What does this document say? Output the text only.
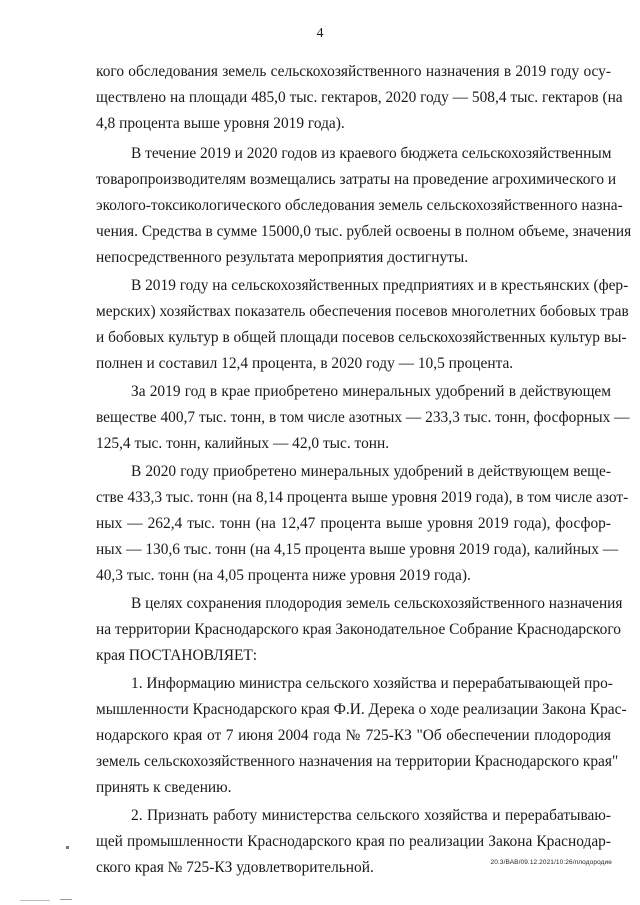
4
кого обследования земель сельскохозяйственного назначения в 2019 году осу-
ществлено на площади 485,0 тыс. гектаров, 2020 году — 508,4 тыс. гектаров (на
4,8 процента выше уровня 2019 года).
В течение 2019 и 2020 годов из краевого бюджета сельскохозяйственным
товаропроизводителям возмещались затраты на проведение агрохимического и
эколого-токсикологического обследования земель сельскохозяйственного назна-
чения. Средства в сумме 15000,0 тыс. рублей освоены в полном объеме, значения
непосредственного результата мероприятия достигнуты.
В 2019 году на сельскохозяйственных предприятиях и в крестьянских (фер-
мерских) хозяйствах показатель обеспечения посевов многолетних бобовых трав
и бобовых культур в общей площади посевов сельскохозяйственных культур вы-
полнен и составил 12,4 процента, в 2020 году — 10,5 процента.
За 2019 год в крае приобретено минеральных удобрений в действующем
веществе 400,7 тыс. тонн, в том числе азотных — 233,3 тыс. тонн, фосфорных —
125,4 тыс. тонн, калийных — 42,0 тыс. тонн.
В 2020 году приобретено минеральных удобрений в действующем веще-
стве 433,3 тыс. тонн (на 8,14 процента выше уровня 2019 года), в том числе азот-
ных — 262,4 тыс. тонн (на 12,47 процента выше уровня 2019 года), фосфор-
ных — 130,6 тыс. тонн (на 4,15 процента выше уровня 2019 года), калийных —
40,3 тыс. тонн (на 4,05 процента ниже уровня 2019 года).
В целях сохранения плодородия земель сельскохозяйственного назначения
на территории Краснодарского края Законодательное Собрание Краснодарского
края ПОСТАНОВЛЯЕТ:
1. Информацию министра сельского хозяйства и перерабатывающей про-
мышленности Краснодарского края Ф.И. Дерека о ходе реализации Закона Крас-
нодарского края от 7 июня 2004 года № 725-КЗ "Об обеспечении плодородия
земель сельскохозяйственного назначения на территории Краснодарского края"
принять к сведению.
2. Признать работу министерства сельского хозяйства и перерабатываю-
щей промышленности Краснодарского края по реализации Закона Краснодар-
ского края № 725-КЗ удовлетворительной.	20.3/ВАВ/09.12.2021/10:26/плодородие
